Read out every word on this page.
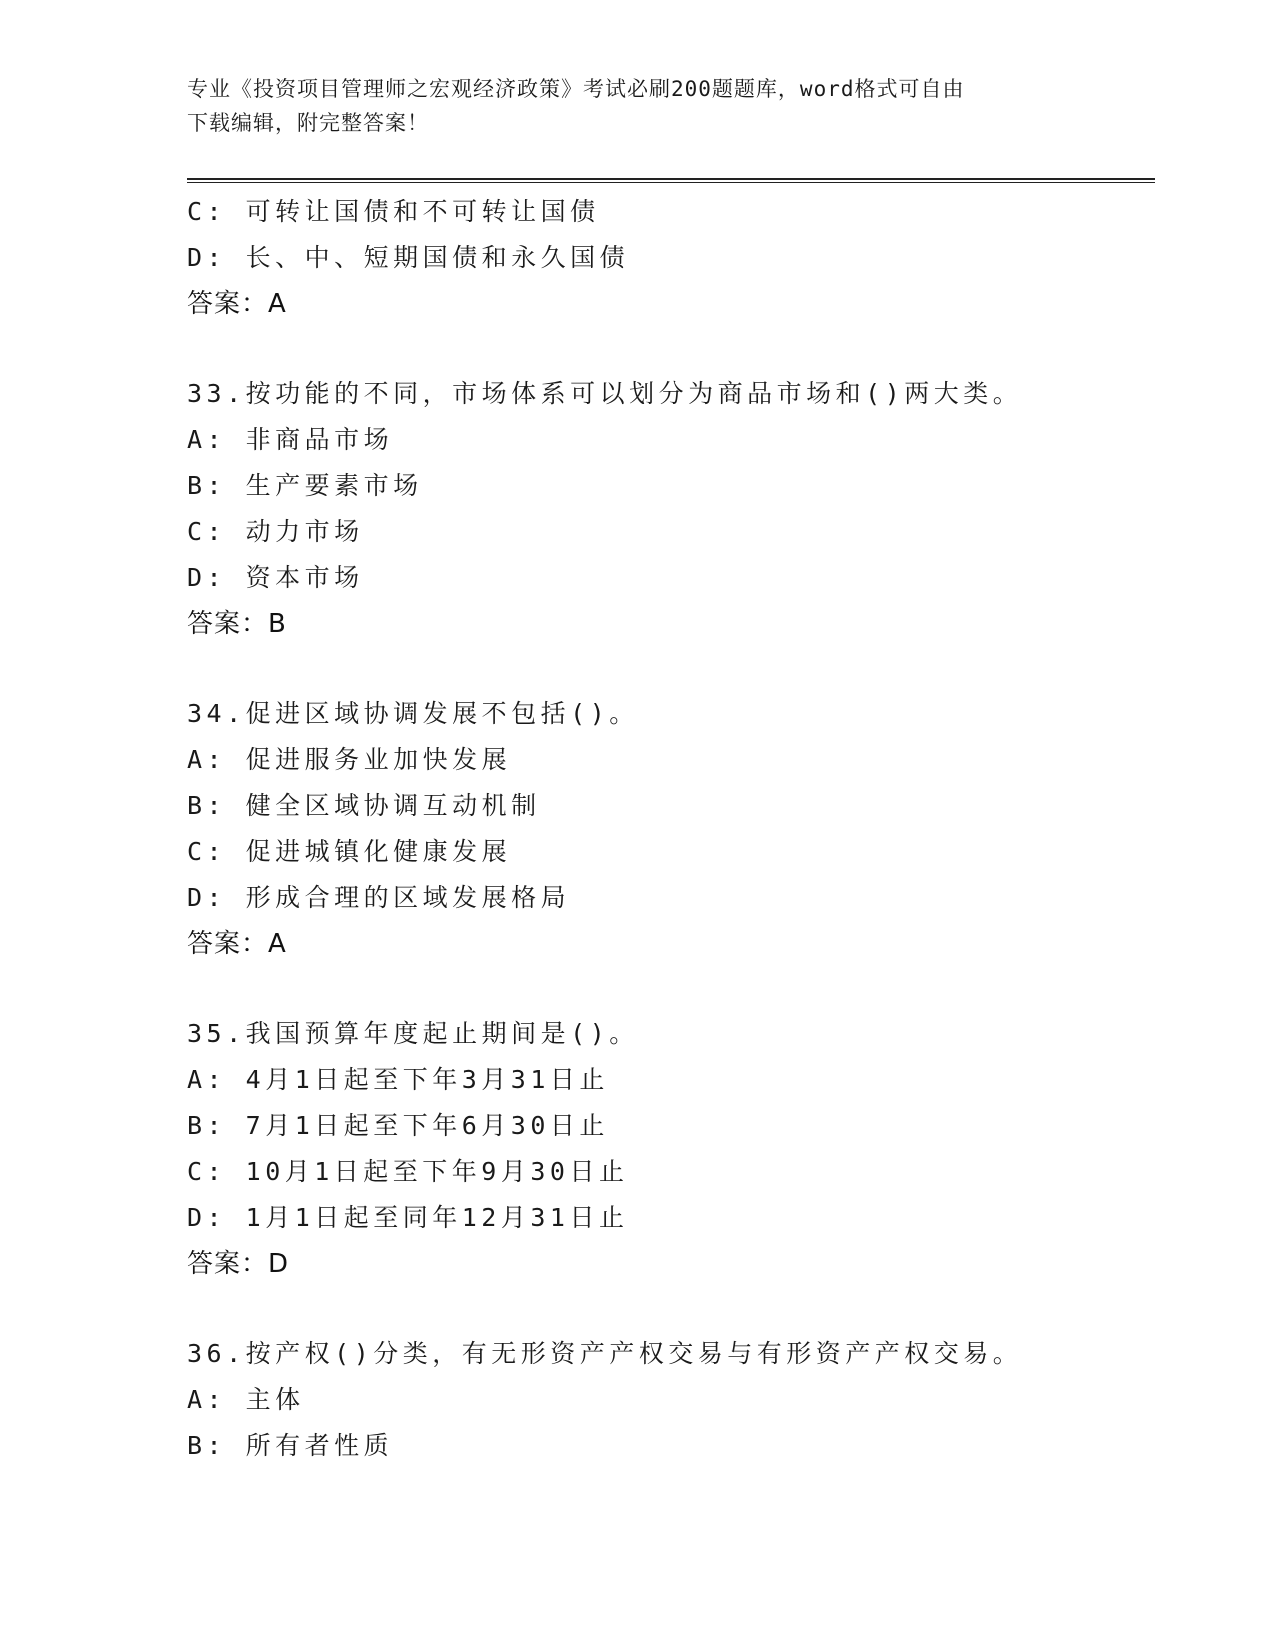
专业《投资项目管理师之宏观经济政策》考试必刷200题题库，word格式可自由
下载编辑，附完整答案！
C: 可转让国债和不可转让国债
D: 长、中、短期国债和永久国债
答案：A
33.按功能的不同，市场体系可以划分为商品市场和()两大类。
A: 非商品市场
B: 生产要素市场
C: 动力市场
D: 资本市场
答案：B
34.促进区域协调发展不包括()。
A: 促进服务业加快发展
B: 健全区域协调互动机制
C: 促进城镇化健康发展
D: 形成合理的区域发展格局
答案：A
35.我国预算年度起止期间是()。
A: 4月1日起至下年3月31日止
B: 7月1日起至下年6月30日止
C: 10月1日起至下年9月30日止
D: 1月1日起至同年12月31日止
答案：D
36.按产权()分类，有无形资产产权交易与有形资产产权交易。
A: 主体
B: 所有者性质
